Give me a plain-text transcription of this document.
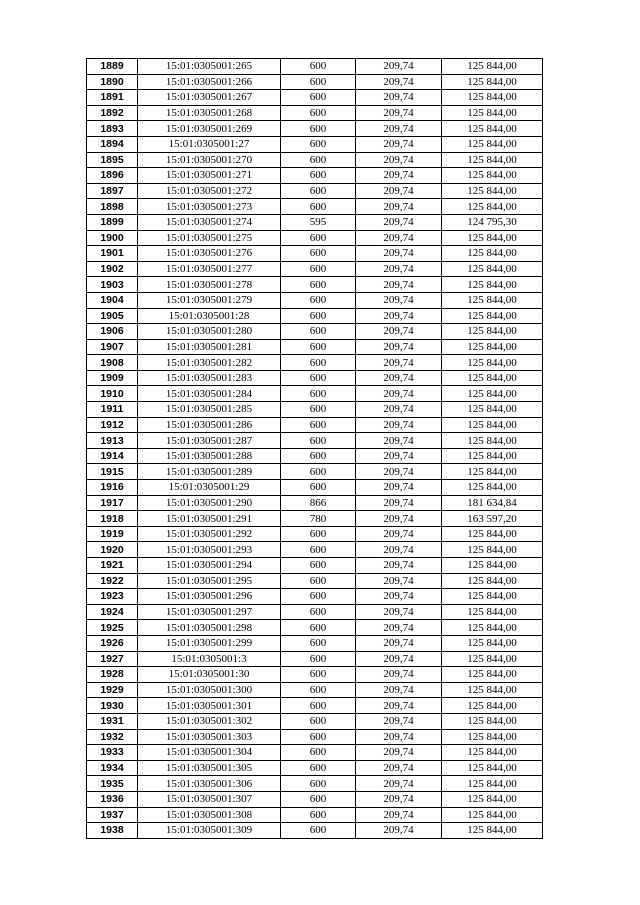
1889	15:01:0305001:265	600	209,74	125 844,00
1890	15:01:0305001:266	600	209,74	125 844,00
1891	15:01:0305001:267	600	209,74	125 844,00
1892	15:01:0305001:268	600	209,74	125 844,00
1893	15:01:0305001:269	600	209,74	125 844,00
1894	15:01:0305001:27	600	209,74	125 844,00
1895	15:01:0305001:270	600	209,74	125 844,00
1896	15:01:0305001:271	600	209,74	125 844,00
1897	15:01:0305001:272	600	209,74	125 844,00
1898	15:01:0305001:273	600	209,74	125 844,00
1899	15:01:0305001:274	595	209,74	124 795,30
1900	15:01:0305001:275	600	209,74	125 844,00
1901	15:01:0305001:276	600	209,74	125 844,00
1902	15:01:0305001:277	600	209,74	125 844,00
1903	15:01:0305001:278	600	209,74	125 844,00
1904	15:01:0305001:279	600	209,74	125 844,00
1905	15:01:0305001:28	600	209,74	125 844,00
1906	15:01:0305001:280	600	209,74	125 844,00
1907	15:01:0305001:281	600	209,74	125 844,00
1908	15:01:0305001:282	600	209,74	125 844,00
1909	15:01:0305001:283	600	209,74	125 844,00
1910	15:01:0305001:284	600	209,74	125 844,00
1911	15:01:0305001:285	600	209,74	125 844,00
1912	15:01:0305001:286	600	209,74	125 844,00
1913	15:01:0305001:287	600	209,74	125 844,00
1914	15:01:0305001:288	600	209,74	125 844,00
1915	15:01:0305001:289	600	209,74	125 844,00
1916	15:01:0305001:29	600	209,74	125 844,00
1917	15:01:0305001:290	866	209,74	181 634,84
1918	15:01:0305001:291	780	209,74	163 597,20
1919	15:01:0305001:292	600	209,74	125 844,00
1920	15:01:0305001:293	600	209,74	125 844,00
1921	15:01:0305001:294	600	209,74	125 844,00
1922	15:01:0305001:295	600	209,74	125 844,00
1923	15:01:0305001:296	600	209,74	125 844,00
1924	15:01:0305001:297	600	209,74	125 844,00
1925	15:01:0305001:298	600	209,74	125 844,00
1926	15:01:0305001:299	600	209,74	125 844,00
1927	15:01:0305001:3	600	209,74	125 844,00
1928	15:01:0305001:30	600	209,74	125 844,00
1929	15:01:0305001:300	600	209,74	125 844,00
1930	15:01:0305001:301	600	209,74	125 844,00
1931	15:01:0305001:302	600	209,74	125 844,00
1932	15:01:0305001:303	600	209,74	125 844,00
1933	15:01:0305001:304	600	209,74	125 844,00
1934	15:01:0305001:305	600	209,74	125 844,00
1935	15:01:0305001:306	600	209,74	125 844,00
1936	15:01:0305001:307	600	209,74	125 844,00
1937	15:01:0305001:308	600	209,74	125 844,00
1938	15:01:0305001:309	600	209,74	125 844,00
